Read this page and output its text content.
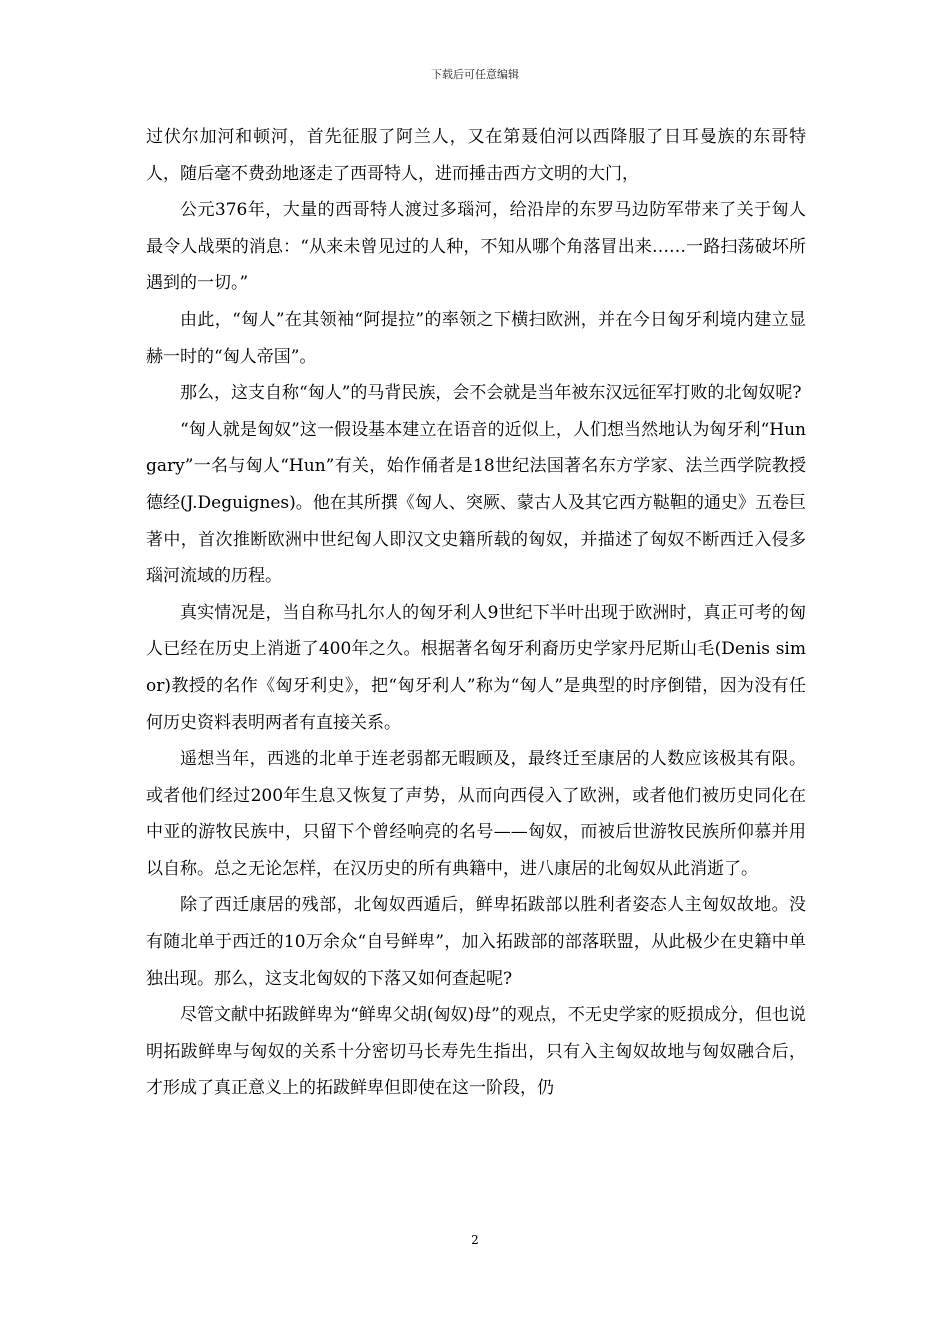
下载后可任意编辑

过伏尔加河和顿河，首先征服了阿兰人，又在第聂伯河以西降服了日耳曼族的东哥特人，随后毫不费劲地逐走了西哥特人，进而捶击西方文明的大门，

公元376年，大量的西哥特人渡过多瑙河，给沿岸的东罗马边防军带来了关于匈人最令人战栗的消息：“从来未曾见过的人种，不知从哪个角落冒出来……一路扫荡破坏所遇到的一切。”

由此，“匈人”在其领袖“阿提拉”的率领之下横扫欧洲，并在今日匈牙利境内建立显赫一时的“匈人帝国”。

那么，这支自称“匈人”的马背民族，会不会就是当年被东汉远征军打败的北匈奴呢?

“匈人就是匈奴”这一假设基本建立在语音的近似上，人们想当然地认为匈牙利“Hungary”一名与匈人“Hun”有关，始作俑者是18世纪法国著名东方学家、法兰西学院教授德经(J.Deguignes)。他在其所撰《匈人、突厥、蒙古人及其它西方鞑靼的通史》五卷巨著中，首次推断欧洲中世纪匈人即汉文史籍所载的匈奴，并描述了匈奴不断西迁入侵多瑙河流域的历程。

真实情况是，当自称马扎尔人的匈牙利人9世纪下半叶出现于欧洲时，真正可考的匈人已经在历史上消逝了400年之久。根据著名匈牙利裔历史学家丹尼斯山毛(Denis simor)教授的名作《匈牙利史》，把“匈牙利人”称为“匈人”是典型的时序倒错，因为没有任何历史资料表明两者有直接关系。

遥想当年，西逃的北单于连老弱都无暇顾及，最终迁至康居的人数应该极其有限。或者他们经过200年生息又恢复了声势，从而向西侵入了欧洲，或者他们被历史同化在中亚的游牧民族中，只留下个曾经响亮的名号——匈奴，而被后世游牧民族所仰慕并用以自称。总之无论怎样，在汉历史的所有典籍中，进八康居的北匈奴从此消逝了。

除了西迁康居的残部，北匈奴西遁后，鲜卑拓跋部以胜利者姿态人主匈奴故地。没有随北单于西迁的10万余众“自号鲜卑”，加入拓跋部的部落联盟，从此极少在史籍中单独出现。那么，这支北匈奴的下落又如何查起呢?

尽管文献中拓跋鲜卑为“鲜卑父胡(匈奴)母”的观点，不无史学家的贬损成分，但也说明拓跋鲜卑与匈奴的关系十分密切马长寿先生指出，只有入主匈奴故地与匈奴融合后，才形成了真正意义上的拓跋鲜卑但即使在这一阶段，仍

2
